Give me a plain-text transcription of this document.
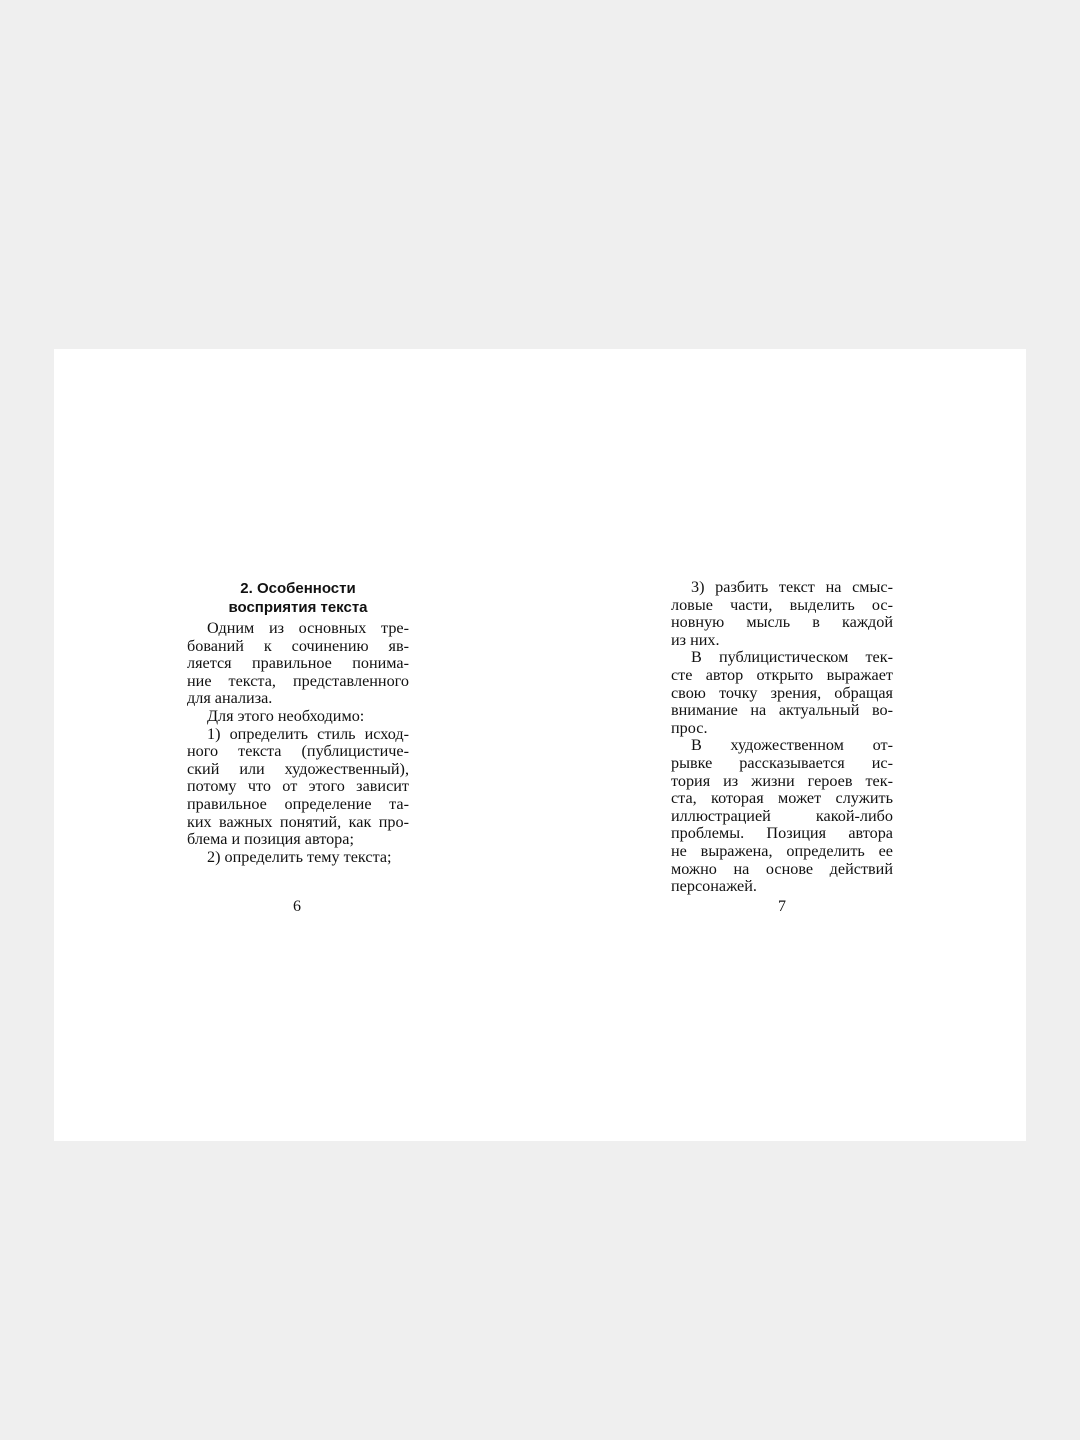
2. Особенности
восприятия текста
Одним из основных тре-
бований к сочинению яв-
ляется правильное понима-
ние текста, представленного
для анализа.
Для этого необходимо:
1) определить стиль исход-
ного текста (публицистиче-
ский или художественный),
потому что от этого зависит
правильное определение та-
ких важных понятий, как про-
блема и позиция автора;
2) определить тему текста;
3) разбить текст на смыс-
ловые части, выделить ос-
новную мысль в каждой
из них.
В публицистическом тек-
сте автор открыто выражает
свою точку зрения, обращая
внимание на актуальный во-
прос.
В художественном от-
рывке рассказывается ис-
тория из жизни героев тек-
ста, которая может служить
иллюстрацией какой-либо
проблемы. Позиция автора
не выражена, определить ее
можно на основе действий
персонажей.
6	7
